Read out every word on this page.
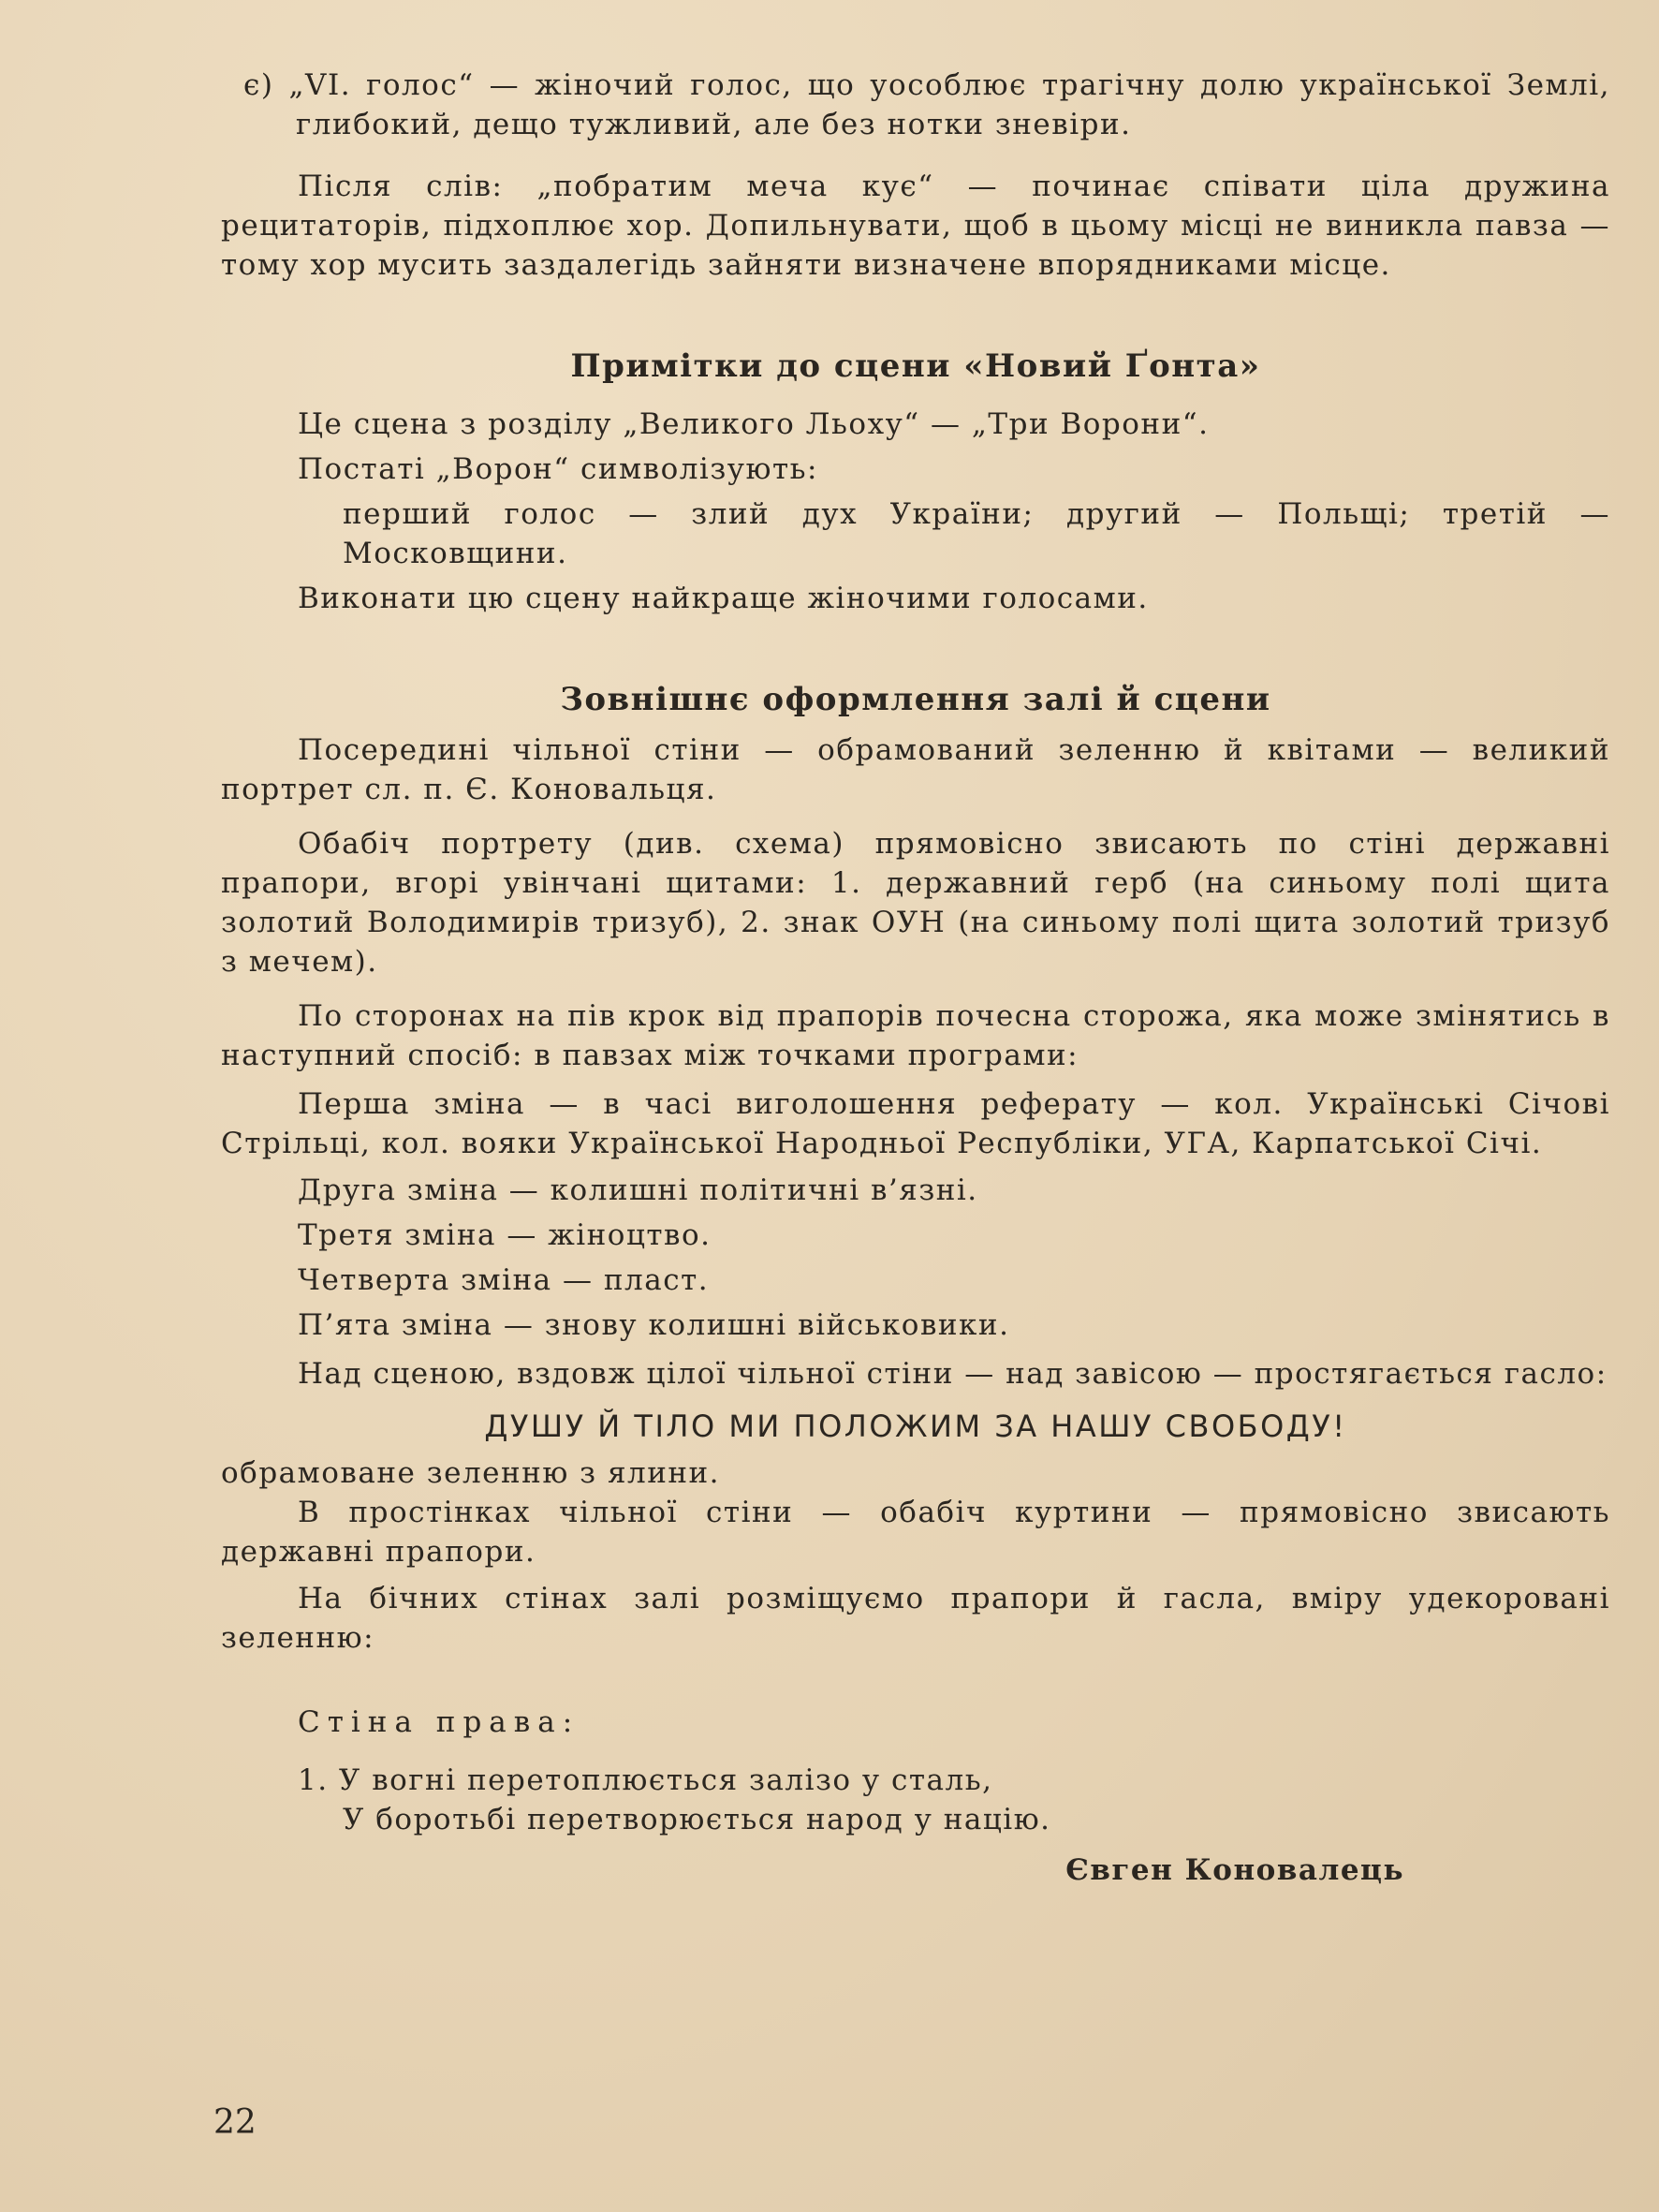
є) „VI. голос“ — жіночий голос, що уособлює трагічну долю української Землі, глибокий, дещо тужливий, але без нотки зневіри.

Після слів: „побратим меча кує“ — починає співати ціла дружина рецитаторів, підхоплює хор. Допильнувати, щоб в цьому місці не виникла павза — тому хор мусить заздалегідь зайняти визначене впорядниками місце.

Примітки до сцени «Новий Ґонта»

Це сцена з розділу „Великого Льоху“ — „Три Ворони“.

Постаті „Ворон“ символізують:

перший голос — злий дух України; другий — Польщі; третій — Московщини.

Виконати цю сцену найкраще жіночими голосами.

Зовнішнє оформлення залі й сцени

Посередині чільної стіни — обрамований зеленню й квітами — великий портрет сл. п. Є. Коновальця.

Обабіч портрету (див. схема) прямовісно звисають по стіні державні прапори, вгорі увінчані щитами: 1. державний герб (на синьому полі щита золотий Володимирів тризуб), 2. знак ОУН (на синьому полі щита золотий тризуб з мечем).

По сторонах на пів крок від прапорів почесна сторожа, яка може змінятись в наступний спосіб: в павзах між точками програми:

Перша зміна — в часі виголошення реферату — кол. Українські Січові Стрільці, кол. вояки Української Народньої Республіки, УГА, Карпатської Січі.

Друга зміна — колишні політичні в’язні.

Третя зміна — жіноцтво.

Четверта зміна — пласт.

П’ята зміна — знову колишні військовики.

Над сценою, вздовж цілої чільної стіни — над завісою — простягається гасло:

ДУШУ Й ТІЛО МИ ПОЛОЖИМ ЗА НАШУ СВОБОДУ!

обрамоване зеленню з ялини.

В простінках чільної стіни — обабіч куртини — прямовісно звисають державні прапори.

На бічних стінах залі розміщуємо прапори й гасла, вміру удекоровані зеленню:

Стіна права:

1. У вогні перетоплюється залізо у сталь,

У боротьбі перетворюється народ у націю.

Євген Коновалець

22
